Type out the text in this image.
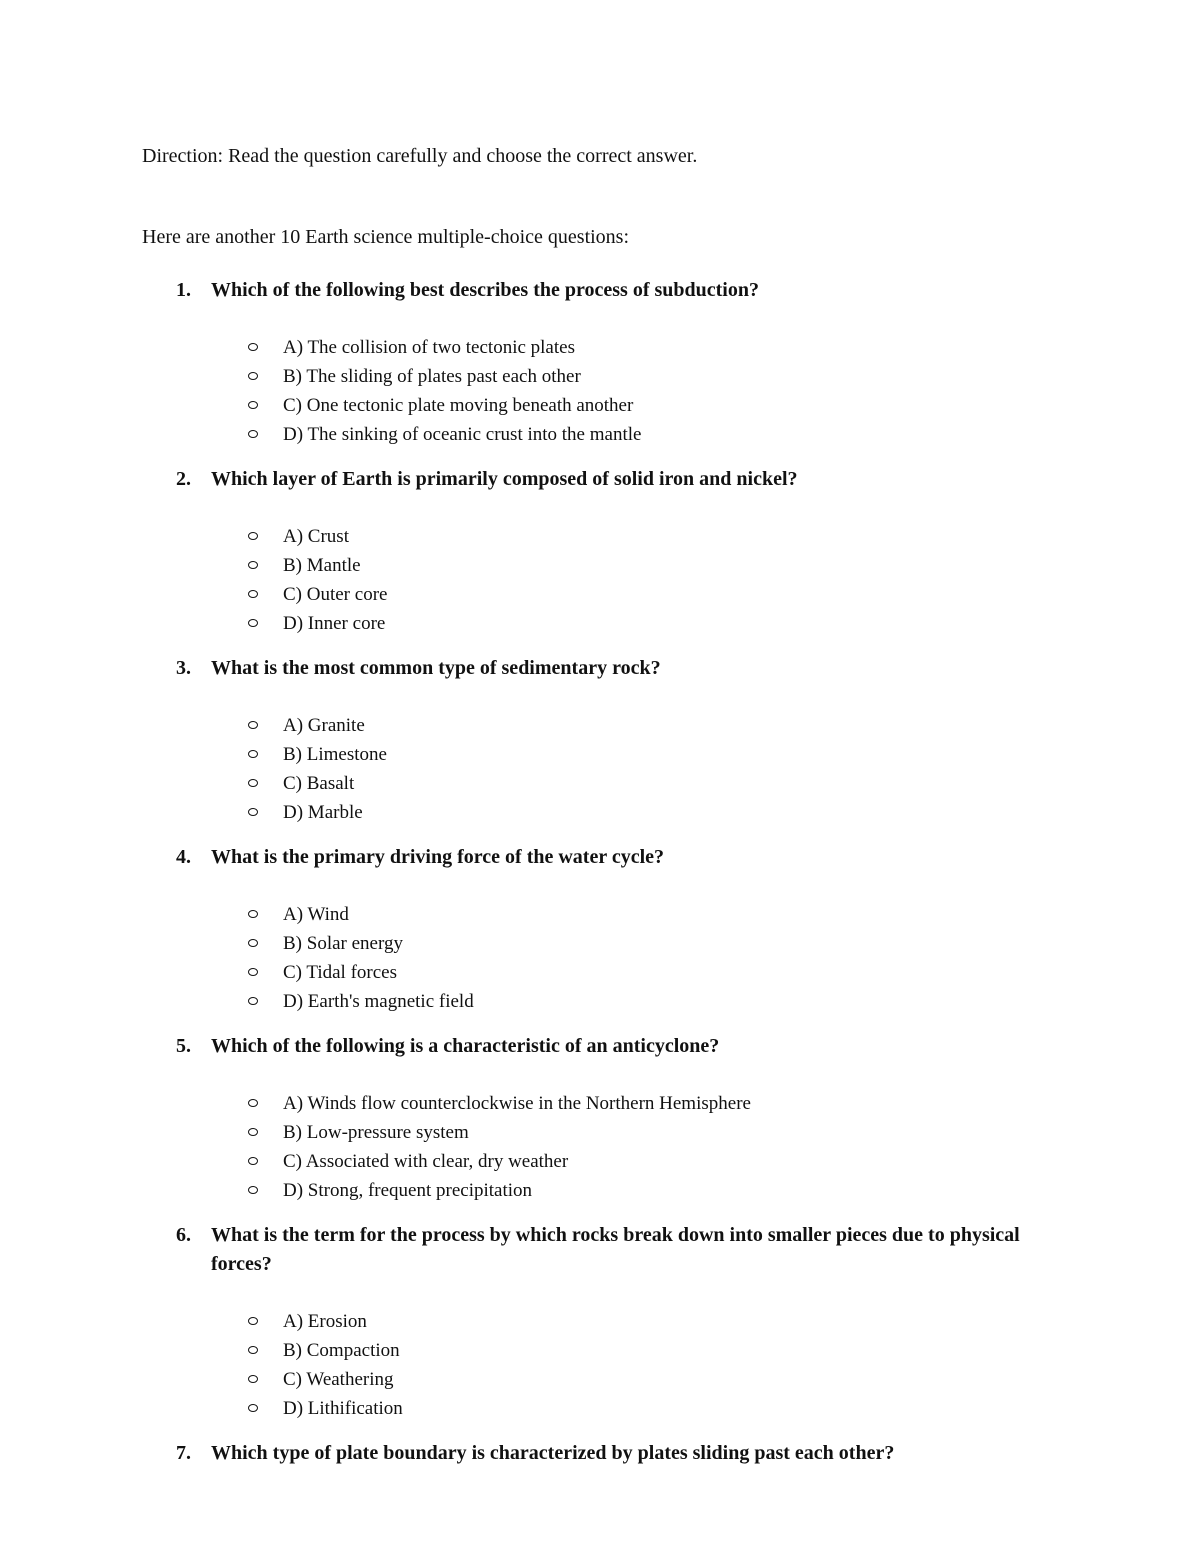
Direction: Read the question carefully and choose the correct answer.
Here are another 10 Earth science multiple-choice questions:
1. Which of the following best describes the process of subduction?
A) The collision of two tectonic plates
B) The sliding of plates past each other
C) One tectonic plate moving beneath another
D) The sinking of oceanic crust into the mantle
2. Which layer of Earth is primarily composed of solid iron and nickel?
A) Crust
B) Mantle
C) Outer core
D) Inner core
3. What is the most common type of sedimentary rock?
A) Granite
B) Limestone
C) Basalt
D) Marble
4. What is the primary driving force of the water cycle?
A) Wind
B) Solar energy
C) Tidal forces
D) Earth's magnetic field
5. Which of the following is a characteristic of an anticyclone?
A) Winds flow counterclockwise in the Northern Hemisphere
B) Low-pressure system
C) Associated with clear, dry weather
D) Strong, frequent precipitation
6. What is the term for the process by which rocks break down into smaller pieces due to physical forces?
A) Erosion
B) Compaction
C) Weathering
D) Lithification
7. Which type of plate boundary is characterized by plates sliding past each other?
